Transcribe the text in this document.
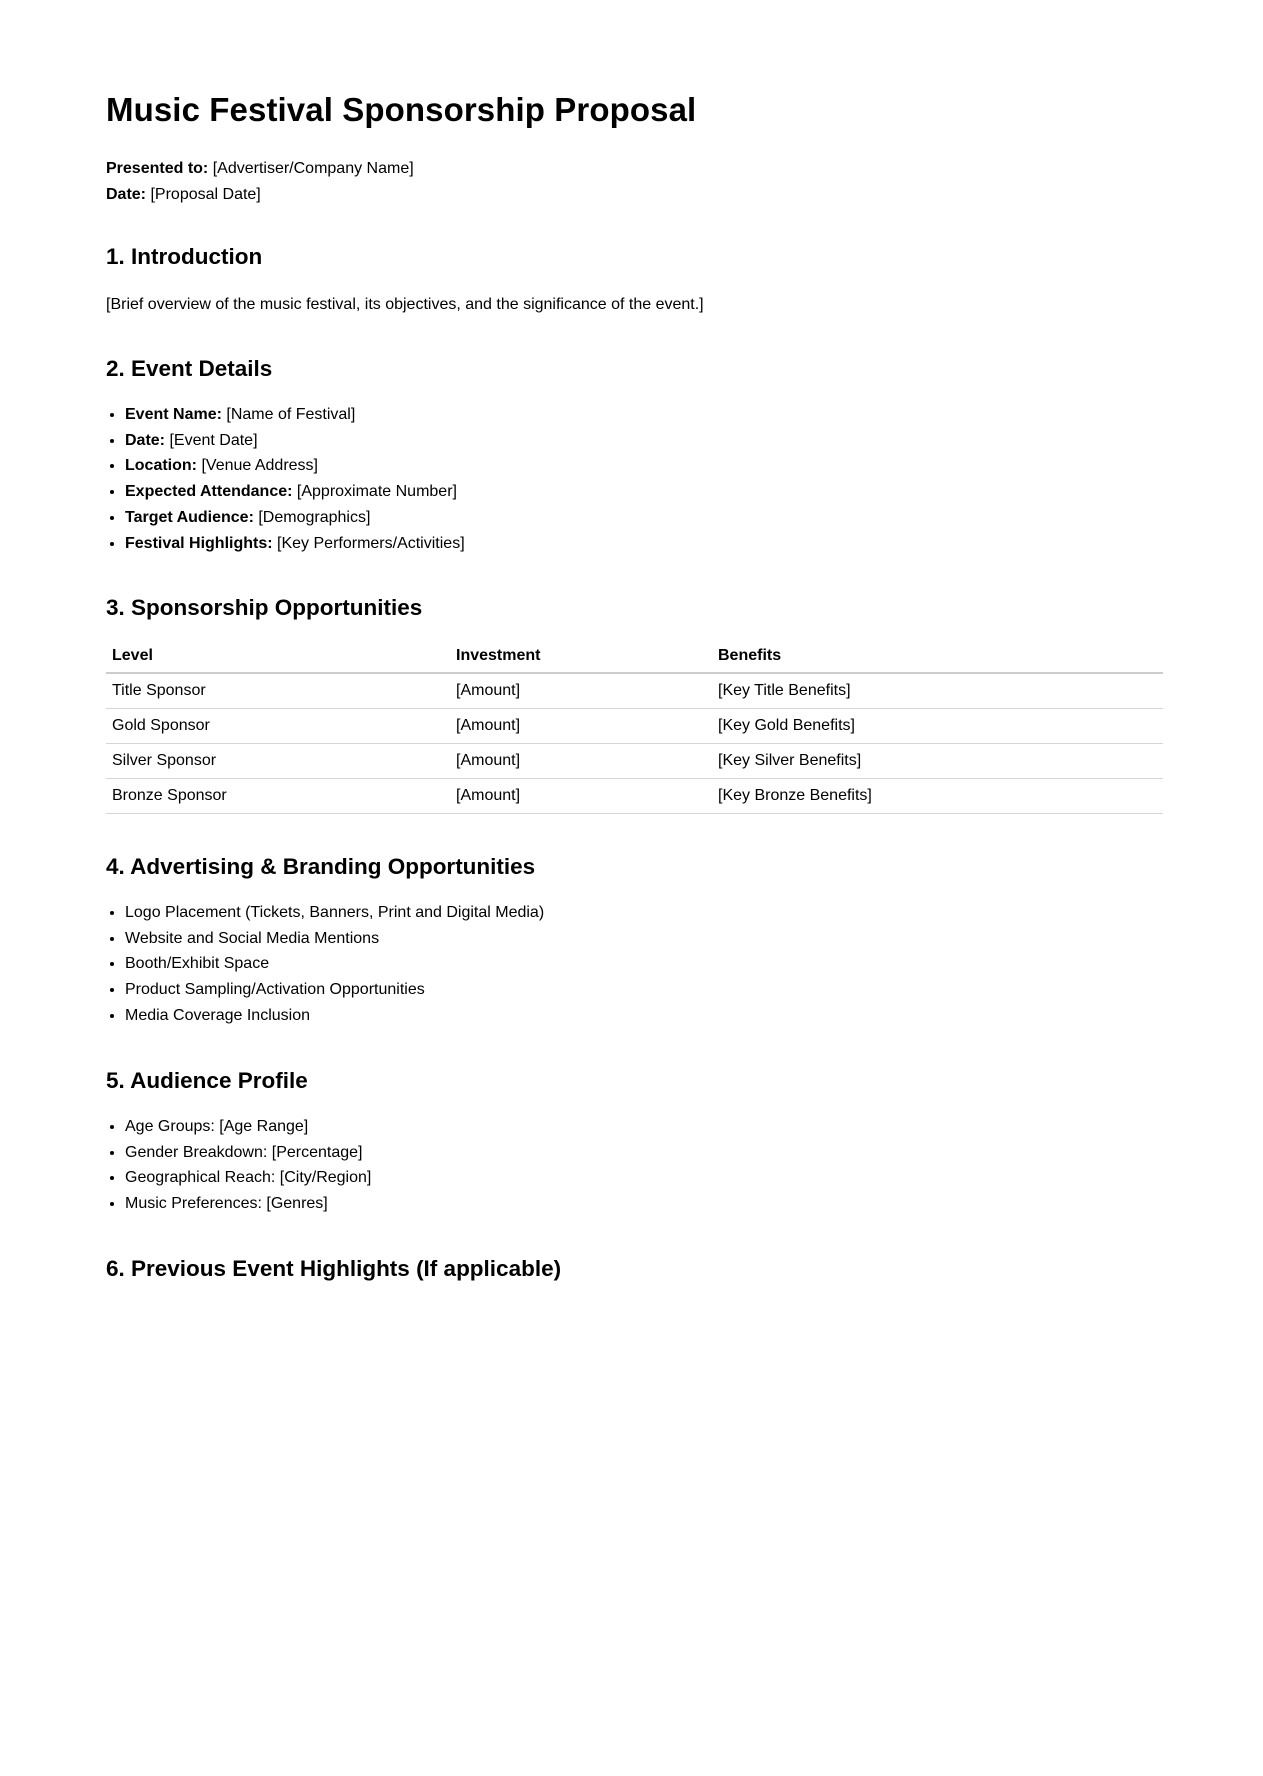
Music Festival Sponsorship Proposal
Presented to: [Advertiser/Company Name]
Date: [Proposal Date]
1. Introduction

[Brief overview of the music festival, its objectives, and the significance of the event.]

2. Event Details
• Event Name: [Name of Festival]
• Date: [Event Date]
• Location: [Venue Address]
• Expected Attendance: [Approximate Number]
• Target Audience: [Demographics]
• Festival Highlights: [Key Performers/Activities]
3. Sponsorship Opportunities
Level	Investment	Benefits
Title Sponsor	[Amount]	[Key Title Benefits]
Gold Sponsor	[Amount]	[Key Gold Benefits]
Silver Sponsor	[Amount]	[Key Silver Benefits]
Bronze Sponsor	[Amount]	[Key Bronze Benefits]
4. Advertising & Branding Opportunities
• Logo Placement (Tickets, Banners, Print and Digital Media)
• Website and Social Media Mentions
• Booth/Exhibit Space
• Product Sampling/Activation Opportunities
• Media Coverage Inclusion
5. Audience Profile
• Age Groups: [Age Range]
• Gender Breakdown: [Percentage]
• Geographical Reach: [City/Region]
• Music Preferences: [Genres]
6. Previous Event Highlights (If applicable)
